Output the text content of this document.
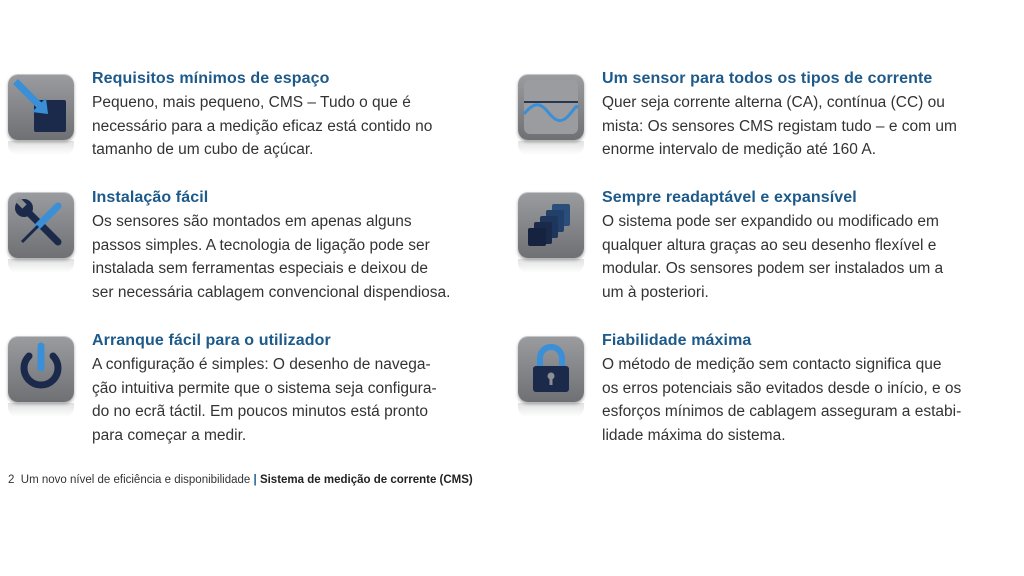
Requisitos mínimos de espaço
Pequeno, mais pequeno, CMS – Tudo o que é
necessário para a medição eficaz está contido no
tamanho de um cubo de açúcar.
Um sensor para todos os tipos de corrente
Quer seja corrente alterna (CA), contínua (CC) ou
mista: Os sensores CMS registam tudo – e com um
enorme intervalo de medição até 160 A.
Instalação fácil
Os sensores são montados em apenas alguns
passos simples. A tecnologia de ligação pode ser
instalada sem ferramentas especiais e deixou de
ser necessária cablagem convencional dispendiosa.
Sempre readaptável e expansível
O sistema pode ser expandido ou modificado em
qualquer altura graças ao seu desenho flexível e
modular. Os sensores podem ser instalados um a
um à posteriori.
Arranque fácil para o utilizador
A configuração é simples: O desenho de navega-
ção intuitiva permite que o sistema seja configura-
do no ecrã táctil. Em poucos minutos está pronto
para começar a medir.
Fiabilidade máxima
O método de medição sem contacto significa que
os erros potenciais são evitados desde o início, e os
esforços mínimos de cablagem asseguram a estabi-
lidade máxima do sistema.
2 Um novo nível de eficiência e disponibilidade | Sistema de medição de corrente (CMS)
